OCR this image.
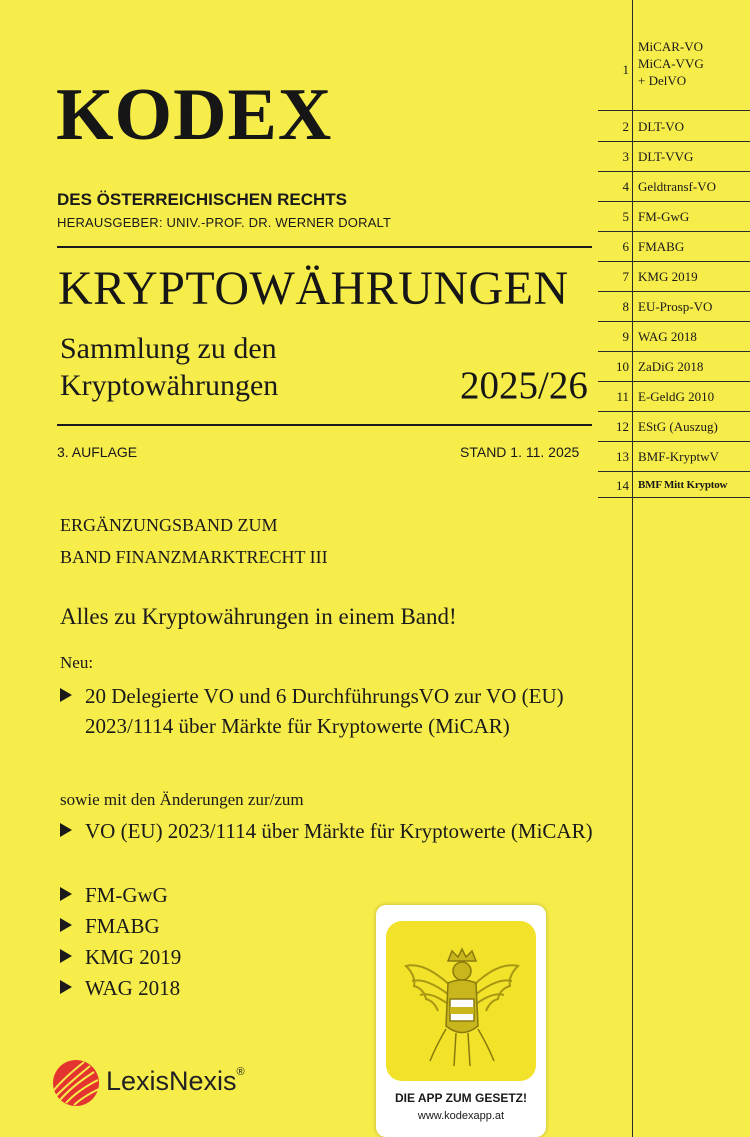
KODEX
DES ÖSTERREICHISCHEN RECHTS
HERAUSGEBER: UNIV.-PROF. DR. WERNER DORALT
KRYPTOWÄHRUNGEN
Sammlung zu den
Kryptowährungen	2025/26
3. AUFLAGE	STAND 1. 11. 2025
ERGÄNZUNGSBAND ZUM
BAND FINANZMARKTRECHT III
Alles zu Kryptowährungen in einem Band!
Neu:
20 Delegierte VO und 6 DurchführungsVO zur VO (EU) 2023/1114 über Märkte für Kryptowerte (MiCAR)
sowie mit den Änderungen zur/zum
VO (EU) 2023/1114 über Märkte für Kryptowerte (MiCAR)
FM-GwG
FMABG
KMG 2019
WAG 2018
1
MiCAR-VO
MiCA-VVG
+ DelVO
2 DLT-VO
3 DLT-VVG
4 Geldtransf-VO
5 FM-GwG
6 FMABG
7 KMG 2019
8 EU-Prosp-VO
9 WAG 2018
10 ZaDiG 2018
11 E-GeldG 2010
12 EStG (Auszug)
13 BMF-KryptwV
14 BMF Mitt Kryptow
LexisNexis®
DIE APP ZUM GESETZ!
www.kodexapp.at
